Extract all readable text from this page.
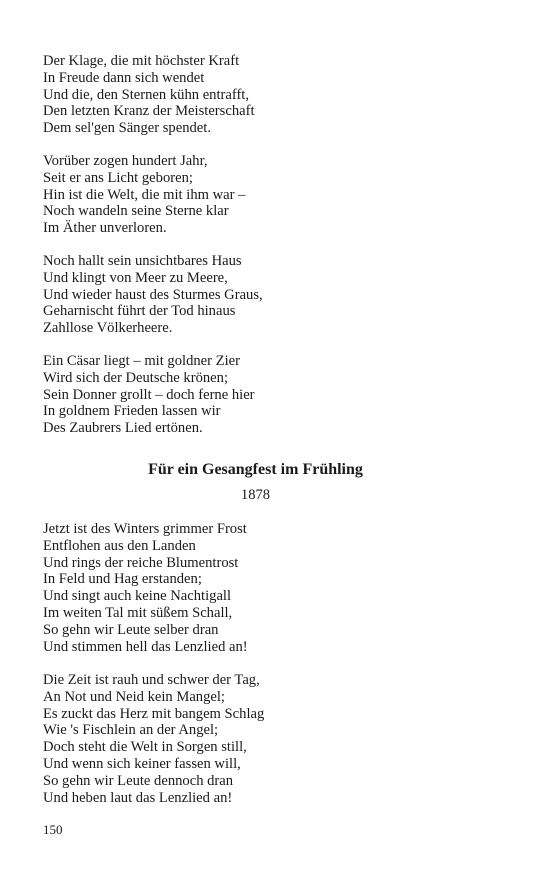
Der Klage, die mit höchster Kraft
In Freude dann sich wendet
Und die, den Sternen kühn entrafft,
Den letzten Kranz der Meisterschaft
Dem sel'gen Sänger spendet.
Vorüber zogen hundert Jahr,
Seit er ans Licht geboren;
Hin ist die Welt, die mit ihm war –
Noch wandeln seine Sterne klar
Im Äther unverloren.
Noch hallt sein unsichtbares Haus
Und klingt von Meer zu Meere,
Und wieder haust des Sturmes Graus,
Geharnischt führt der Tod hinaus
Zahllose Völkerheere.
Ein Cäsar liegt – mit goldner Zier
Wird sich der Deutsche krönen;
Sein Donner grollt – doch ferne hier
In goldnem Frieden lassen wir
Des Zaubrers Lied ertönen.
Für ein Gesangfest im Frühling
1878
Jetzt ist des Winters grimmer Frost
Entflohen aus den Landen
Und rings der reiche Blumentrost
In Feld und Hag erstanden;
Und singt auch keine Nachtigall
Im weiten Tal mit süßem Schall,
So gehn wir Leute selber dran
Und stimmen hell das Lenzlied an!
Die Zeit ist rauh und schwer der Tag,
An Not und Neid kein Mangel;
Es zuckt das Herz mit bangem Schlag
Wie 's Fischlein an der Angel;
Doch steht die Welt in Sorgen still,
Und wenn sich keiner fassen will,
So gehn wir Leute dennoch dran
Und heben laut das Lenzlied an!
150
